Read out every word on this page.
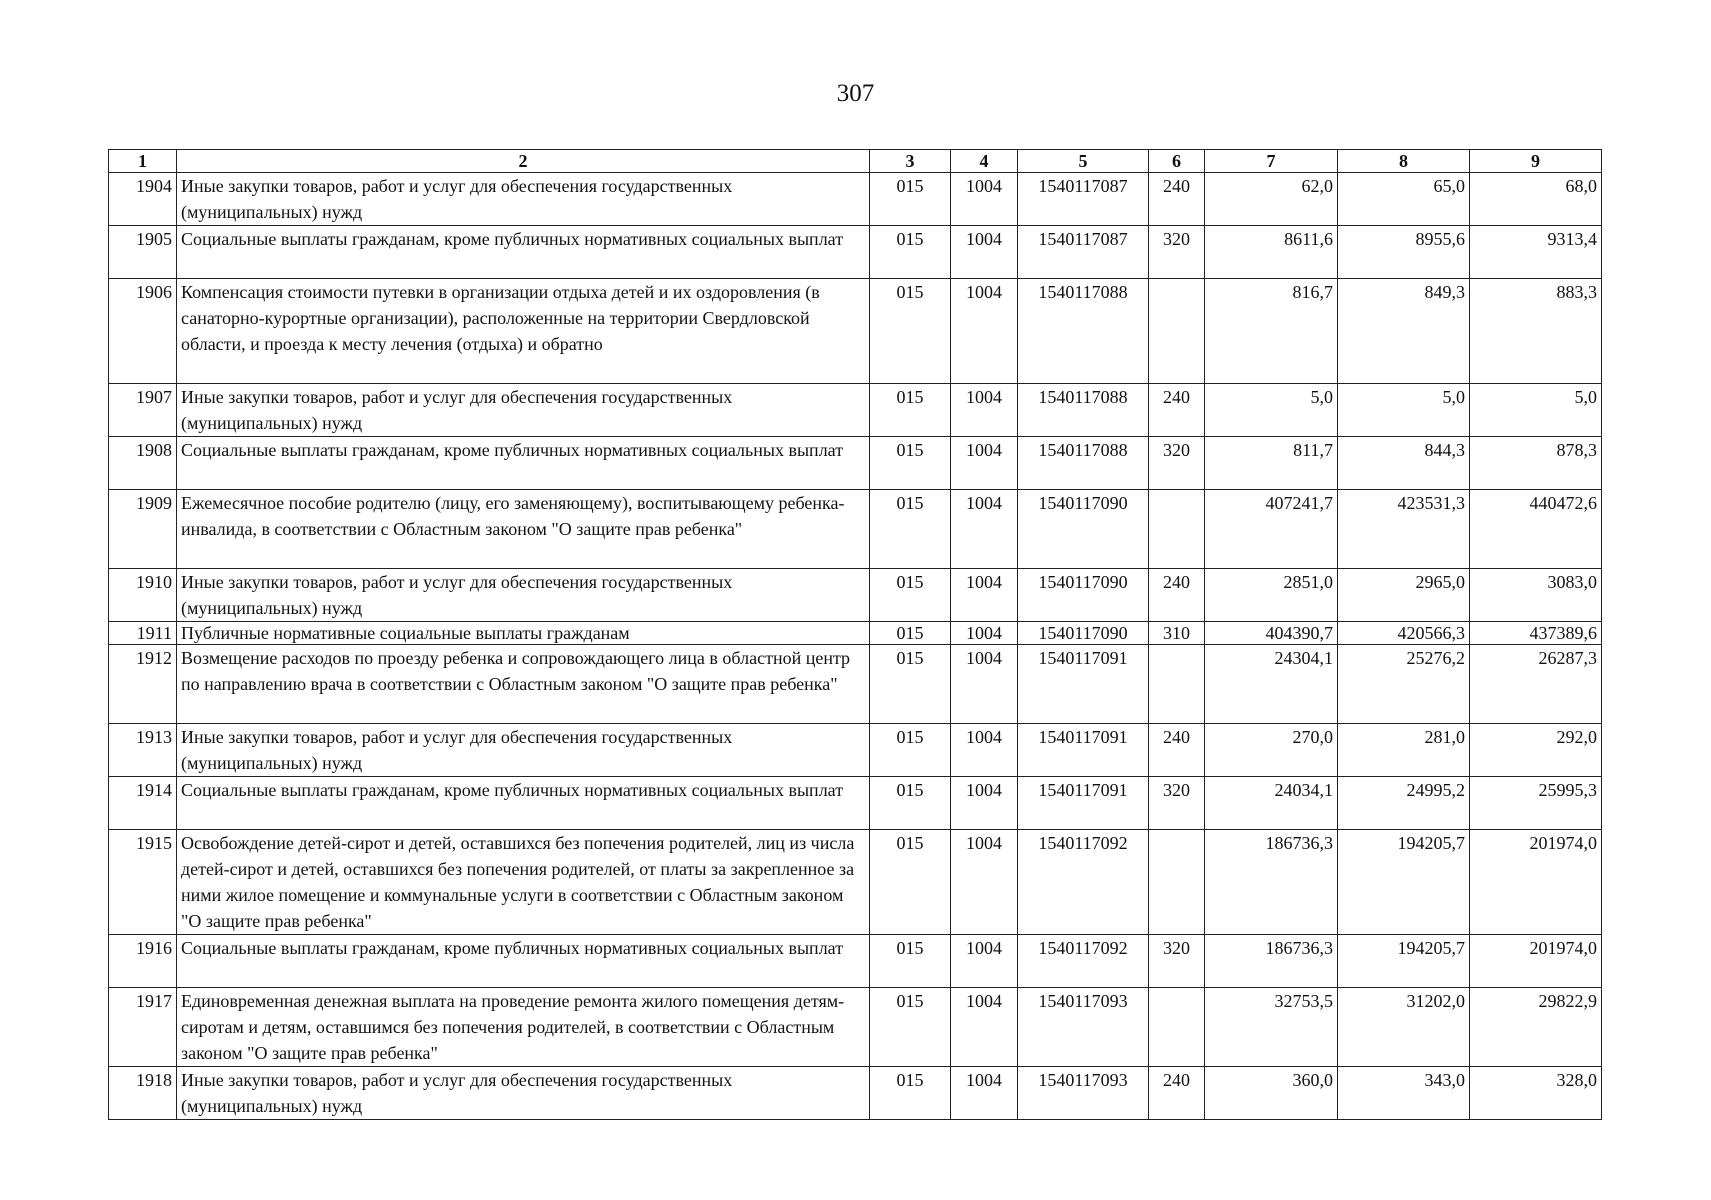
307
1	2	3	4	5	6	7	8	9
1904	Иные закупки товаров, работ и услуг для обеспечения государственных (муниципальных) нужд	015	1004	1540117087	240	62,0	65,0	68,0
1905	Социальные выплаты гражданам, кроме публичных нормативных социальных выплат	015	1004	1540117087	320	8611,6	8955,6	9313,4
1906	Компенсация стоимости путевки в организации отдыха детей и их оздоровления (в санаторно-курортные организации), расположенные на территории Свердловской области, и проезда к месту лечения (отдыха) и обратно	015	1004	1540117088		816,7	849,3	883,3
1907	Иные закупки товаров, работ и услуг для обеспечения государственных (муниципальных) нужд	015	1004	1540117088	240	5,0	5,0	5,0
1908	Социальные выплаты гражданам, кроме публичных нормативных социальных выплат	015	1004	1540117088	320	811,7	844,3	878,3
1909	Ежемесячное пособие родителю (лицу, его заменяющему), воспитывающему ребенка-инвалида, в соответствии с Областным законом "О защите прав ребенка"	015	1004	1540117090		407241,7	423531,3	440472,6
1910	Иные закупки товаров, работ и услуг для обеспечения государственных (муниципальных) нужд	015	1004	1540117090	240	2851,0	2965,0	3083,0
1911	Публичные нормативные социальные выплаты гражданам	015	1004	1540117090	310	404390,7	420566,3	437389,6
1912	Возмещение расходов по проезду ребенка и сопровождающего лица в областной центр по направлению врача в соответствии с Областным законом "О защите прав ребенка"	015	1004	1540117091		24304,1	25276,2	26287,3
1913	Иные закупки товаров, работ и услуг для обеспечения государственных (муниципальных) нужд	015	1004	1540117091	240	270,0	281,0	292,0
1914	Социальные выплаты гражданам, кроме публичных нормативных социальных выплат	015	1004	1540117091	320	24034,1	24995,2	25995,3
1915	Освобождение детей-сирот и детей, оставшихся без попечения родителей, лиц из числа детей-сирот и детей, оставшихся без попечения родителей, от платы за закрепленное за ними жилое помещение и коммунальные услуги в соответствии с Областным законом "О защите прав ребенка"	015	1004	1540117092		186736,3	194205,7	201974,0
1916	Социальные выплаты гражданам, кроме публичных нормативных социальных выплат	015	1004	1540117092	320	186736,3	194205,7	201974,0
1917	Единовременная денежная выплата на проведение ремонта жилого помещения детям-сиротам и детям, оставшимся без попечения родителей, в соответствии с Областным законом "О защите прав ребенка"	015	1004	1540117093		32753,5	31202,0	29822,9
1918	Иные закупки товаров, работ и услуг для обеспечения государственных (муниципальных) нужд	015	1004	1540117093	240	360,0	343,0	328,0
